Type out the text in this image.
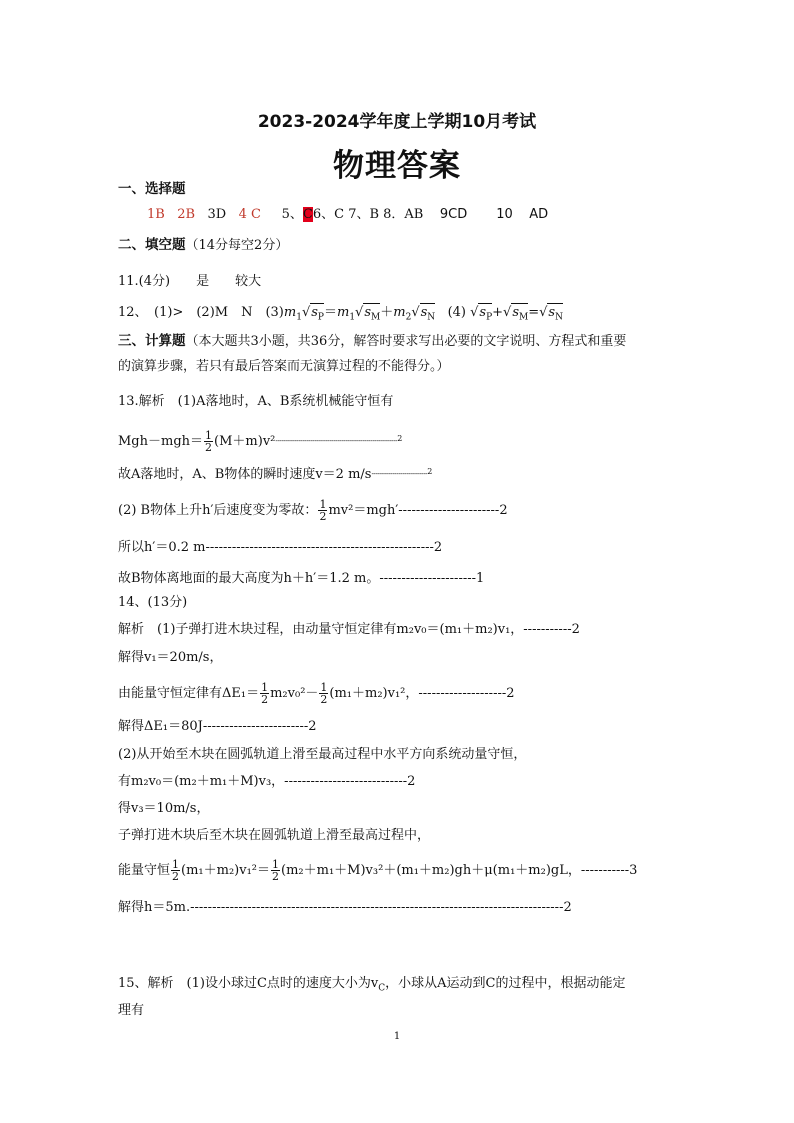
2023-2024学年度上学期10月考试
物理答案
一、选择题
1B 2B 3D 4 C 5、C6、C 7、B 8．AB 9CD 10 AD
二、填空题（14分每空2分）
11.(4分)　　是　　较大
12、　(1)>　(2)M　N　$(3)m_1√s_P=m_1√s_M+m_2√s_N$ (4) $√s_P+√s_M=√s_N$
三、计算题（本大题共3小题，共36分，解答时要求写出必要的文字说明、方程式和重要
的演算步骤，若只有最后答案而无演算过程的不能得分。）
13.解析　(1)A落地时，A、B系统机械能守恒有
$Mgh-mgh= \frac{1}{2} (M+m)v^2-----------------------------------------------------------^2$
故A落地时，A、B物体的瞬时速度v＝2 m/s---------------------------$^2$
(2) B物体上升h′后速度变为零故： $\frac{1}{2} mv^2=mgh'-----------------------2$
所以h′＝0.2 m----------------------------------------------------2
故B物体离地面的最大高度为h＋h′＝1.2 m。----------------------1
14、(13分)
解析　(1)子弹打进木块过程，由动量守恒定律有m₂v₀＝(m₁＋m₂)v₁，-----------2
解得v₁＝20m/s，
由能量守恒定律有$\Delta E_1= \frac{1}{2} m_2v_0^2- \frac{1}{2} (m_1+m_2)v_1^2$，--------------------2
解得ΔE₁＝80J------------------------2
(2)从开始至木块在圆弧轨道上滑至最高过程中水平方向系统动量守恒，
有m₂v₀＝(m₂＋m₁＋M)v₃，----------------------------2
得v₃＝10m/s，
子弹打进木块后至木块在圆弧轨道上滑至最高过程中，
能量守恒 $\frac{1}{2} (m_1+m_2)v_1^2= \frac{1}{2} (m_2+m_1+M)v_3^2+(m_1+m_2)gh+\mu(m_1+m_2)gL$，-----------3
解得h＝5m.-------------------------------------------------------------------------------------2
15、解析　(1)设小球过C点时的速度大小为$v_C$，小球从A运动到C的过程中，根据动能定
理有
1
